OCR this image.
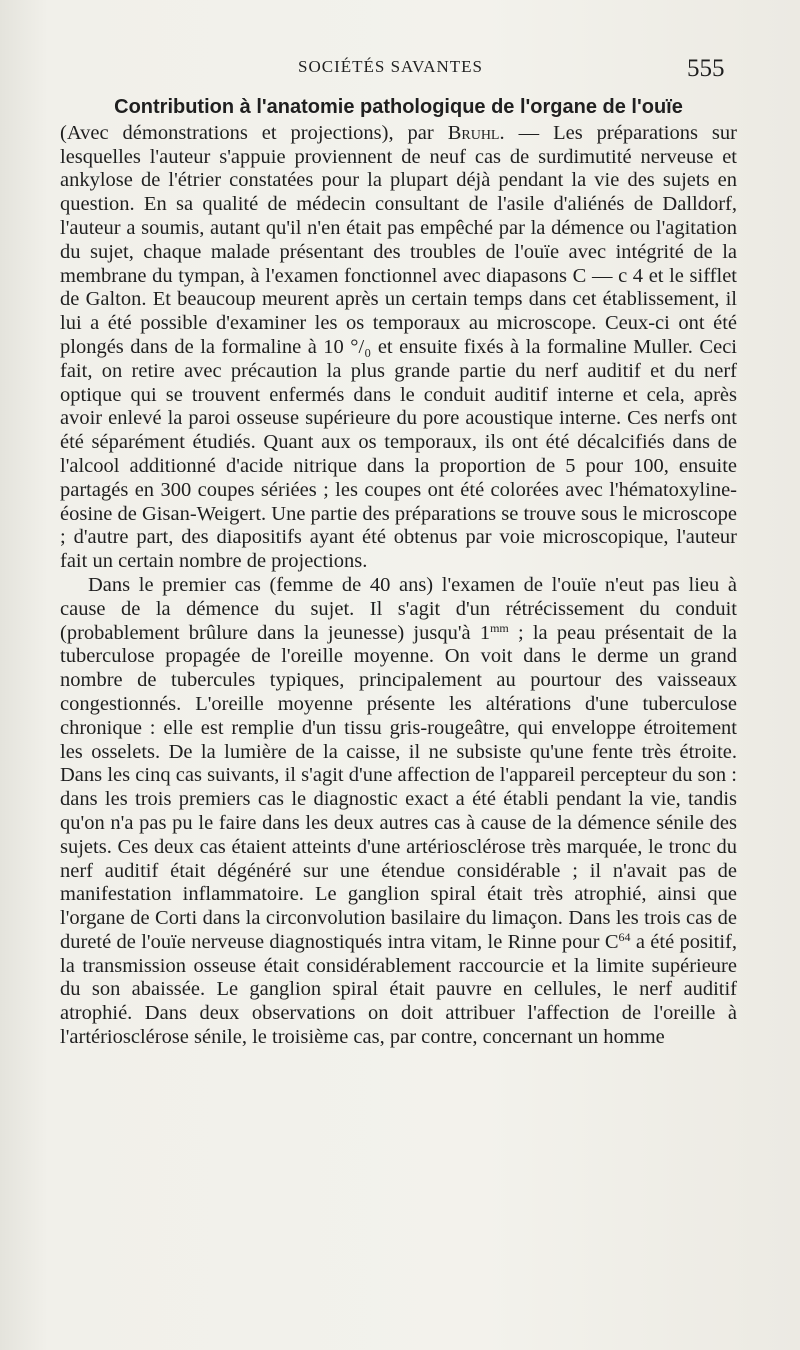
SOCIÉTÉS SAVANTES	555

Contribution à l'anatomie pathologique de l'organe de l'ouïe
(Avec démonstrations et projections), par Bruhl. — Les préparations sur lesquelles l'auteur s'appuie proviennent de neuf cas de surdimutité nerveuse et ankylose de l'étrier constatées pour la plupart déjà pendant la vie des sujets en question. En sa qualité de médecin consultant de l'asile d'aliénés de Dalldorf, l'auteur a soumis, autant qu'il n'en était pas empêché par la démence ou l'agitation du sujet, chaque malade présentant des troubles de l'ouïe avec intégrité de la membrane du tympan, à l'examen fonctionnel avec diapasons C — c 4 et le sifflet de Galton. Et beaucoup meurent après un certain temps dans cet établissement, il lui a été possible d'examiner les os temporaux au microscope. Ceux-ci ont été plongés dans de la formaline à 10 °/₀ et ensuite fixés à la formaline Muller. Ceci fait, on retire avec précaution la plus grande partie du nerf auditif et du nerf optique qui se trouvent enfermés dans le conduit auditif interne et cela, après avoir enlevé la paroi osseuse supérieure du pore acoustique interne. Ces nerfs ont été séparément étudiés. Quant aux os temporaux, ils ont été décalcifiés dans de l'alcool additionné d'acide nitrique dans la proportion de 5 pour 100, ensuite partagés en 300 coupes sériées ; les coupes ont été colorées avec l'hématoxyline-éosine de Gisan-Weigert. Une partie des préparations se trouve sous le microscope ; d'autre part, des diapositifs ayant été obtenus par voie microscopique, l'auteur fait un certain nombre de projections.

Dans le premier cas (femme de 40 ans) l'examen de l'ouïe n'eut pas lieu à cause de la démence du sujet. Il s'agit d'un rétrécissement du conduit (probablement brûlure dans la jeunesse) jusqu'à $1^{mm}$ ; la peau présentait de la tuberculose propagée de l'oreille moyenne. On voit dans le derme un grand nombre de tubercules typiques, principalement au pourtour des vaisseaux congestionnés. L'oreille moyenne présente les altérations d'une tuberculose chronique : elle est remplie d'un tissu gris-rougeâtre, qui enveloppe étroitement les osselets. De la lumière de la caisse, il ne subsiste qu'une fente très étroite. Dans les cinq cas suivants, il s'agit d'une affection de l'appareil percepteur du son : dans les trois premiers cas le diagnostic exact a été établi pendant la vie, tandis qu'on n'a pas pu le faire dans les deux autres cas à cause de la démence sénile des sujets. Ces deux cas étaient atteints d'une artériosclérose très marquée, le tronc du nerf auditif était dégénéré sur une étendue considérable ; il n'avait pas de manifestation inflammatoire. Le ganglion spiral était très atrophié, ainsi que l'organe de Corti dans la circonvolution basilaire du limaçon. Dans les trois cas de dureté de l'ouïe nerveuse diagnostiqués intra vitam, le Rinne pour $C^{64}$ a été positif, la transmission osseuse était considérablement raccourcie et la limite supérieure du son abaissée. Le ganglion spiral était pauvre en cellules, le nerf auditif atrophié. Dans deux observations on doit attribuer l'affection de l'oreille à l'artériosclérose sénile, le troisième cas, par contre, concernant un homme
